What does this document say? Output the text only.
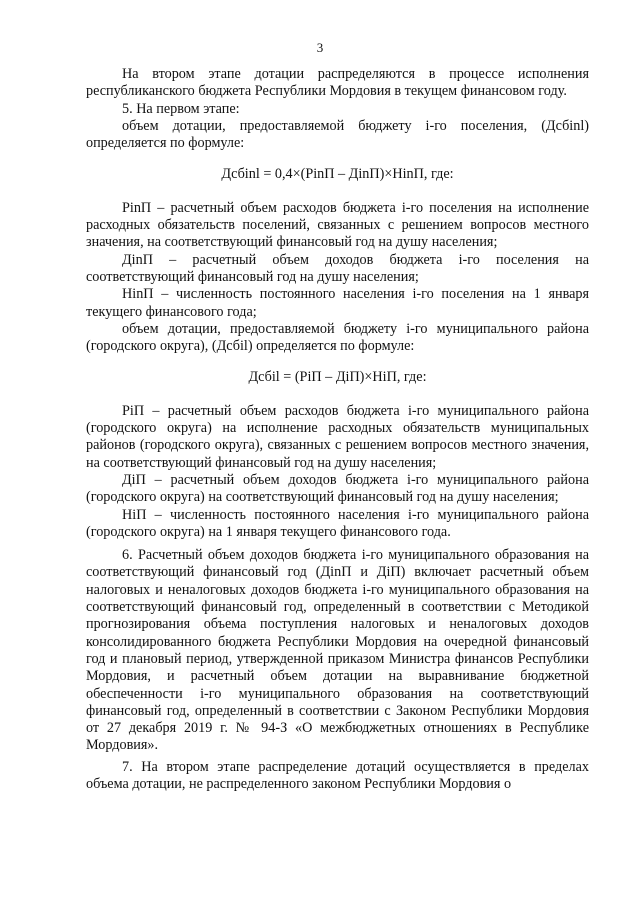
3

На втором этапе дотации распределяются в процессе исполнения республиканского бюджета Республики Мордовия в текущем финансовом году.

5. На первом этапе:

объем дотации, предоставляемой бюджету i-го поселения, (Дсбinl) определяется по формуле:

Дсбinl = 0,4×(PinП – ДinП)×HinП, где:

PinП – расчетный объем расходов бюджета i-го поселения на исполнение расходных обязательств поселений, связанных с решением вопросов местного значения, на соответствующий финансовый год на душу населения;

ДinП – расчетный объем доходов бюджета i-го поселения на соответствующий финансовый год на душу населения;

HinП – численность постоянного населения i-го поселения на 1 января текущего финансового года;

объем дотации, предоставляемой бюджету i-го муниципального района (городского округа), (Дсбil) определяется по формуле:

Дсбil = (PiП – ДiП)×HiП, где:

PiП – расчетный объем расходов бюджета i-го муниципального района (городского округа) на исполнение расходных обязательств муниципальных районов (городского округа), связанных с решением вопросов местного значения, на соответствующий финансовый год на душу населения;

ДiП – расчетный объем доходов бюджета i-го муниципального района (городского округа) на соответствующий финансовый год на душу населения;

HiП – численность постоянного населения i-го муниципального района (городского округа) на 1 января текущего финансового года.

6. Расчетный объем доходов бюджета i-го муниципального образования на соответствующий финансовый год (ДinП и ДiП) включает расчетный объем налоговых и неналоговых доходов бюджета i-го муниципального образования на соответствующий финансовый год, определенный в соответствии с Методикой прогнозирования объема поступления налоговых и неналоговых доходов консолидированного бюджета Республики Мордовия на очередной финансовый год и плановый период, утвержденной приказом Министра финансов Республики Мордовия, и расчетный объем дотации на выравнивание бюджетной обеспеченности i-го муниципального образования на соответствующий финансовый год, определенный в соответствии с Законом Республики Мордовия от 27 декабря 2019 г. № 94-З «О межбюджетных отношениях в Республике Мордовия».

7. На втором этапе распределение дотаций осуществляется в пределах объема дотации, не распределенного законом Республики Мордовия о
